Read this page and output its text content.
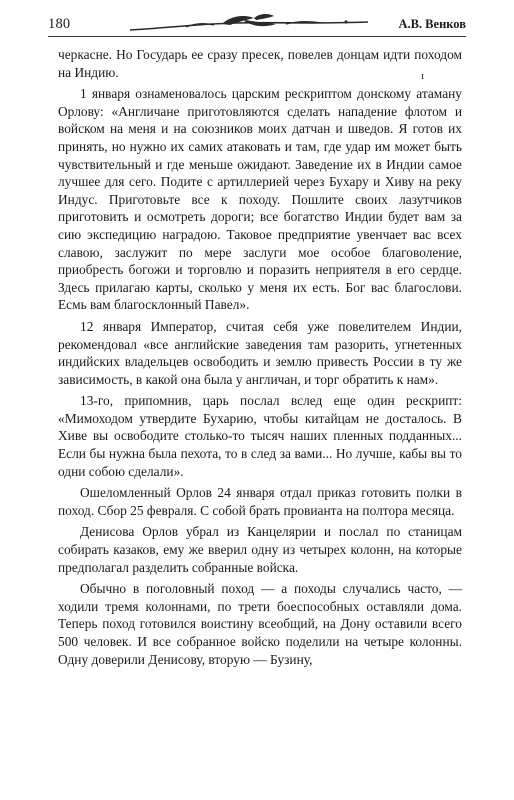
180	А.В. Венков
ɪ

черкасне. Но Государь ее сразу пресек, повелев донцам идти походом на Индию.

1 января ознаменовалось царским рескриптом донскому атаману Орлову: «Англичане приготовляются сделать нападение флотом и войском на меня и на союзников моих датчан и шведов. Я готов их принять, но нужно их самих атаковать и там, где удар им может быть чувствительный и где меньше ожидают. Заведение их в Индии самое лучшее для сего. Подите с артиллерией через Бухару и Хиву на реку Индус. Приготовьте все к походу. Пошлите своих лазутчиков приготовить и осмотреть дороги; все богатство Индии будет вам за сию экспедицию наградою. Таковое предприятие увенчает вас всех славою, заслужит по мере заслуги мое особое благоволение, приобресть богожи и торговлю и поразить неприятеля в его сердце. Здесь прилагаю карты, сколько у меня их есть. Бог вас благослови. Есмь вам благосклонный Павел».

12 января Император, считая себя уже повелителем Индии, рекомендовал «все английские заведения там разорить, угнетенных индийских владельцев освободить и землю привесть России в ту же зависимость, в какой она была у англичан, и торг обратить к нам».

13-го, припомнив, царь послал вслед еще один рескрипт: «Мимоходом утвердите Бухарию, чтобы китайцам не досталось. В Хиве вы освободите столько-то тысяч наших пленных подданных... Если бы нужна была пехота, то в след за вами... Но лучше, кабы вы то одни собою сделали».

Ошеломленный Орлов 24 января отдал приказ готовить полки в поход. Сбор 25 февраля. С собой брать провианта на полтора месяца.

Денисова Орлов убрал из Канцелярии и послал по станицам собирать казаков, ему же вверил одну из четырех колонн, на которые предполагал разделить собранные войска.

Обычно в поголовный поход — а походы случались часто, — ходили тремя колоннами, по трети боеспособных оставляли дома. Теперь поход готовился воистину всеобщий, на Дону оставили всего 500 человек. И все собранное войско поделили на четыре колонны. Одну доверили Денисову, вторую — Бузину,
